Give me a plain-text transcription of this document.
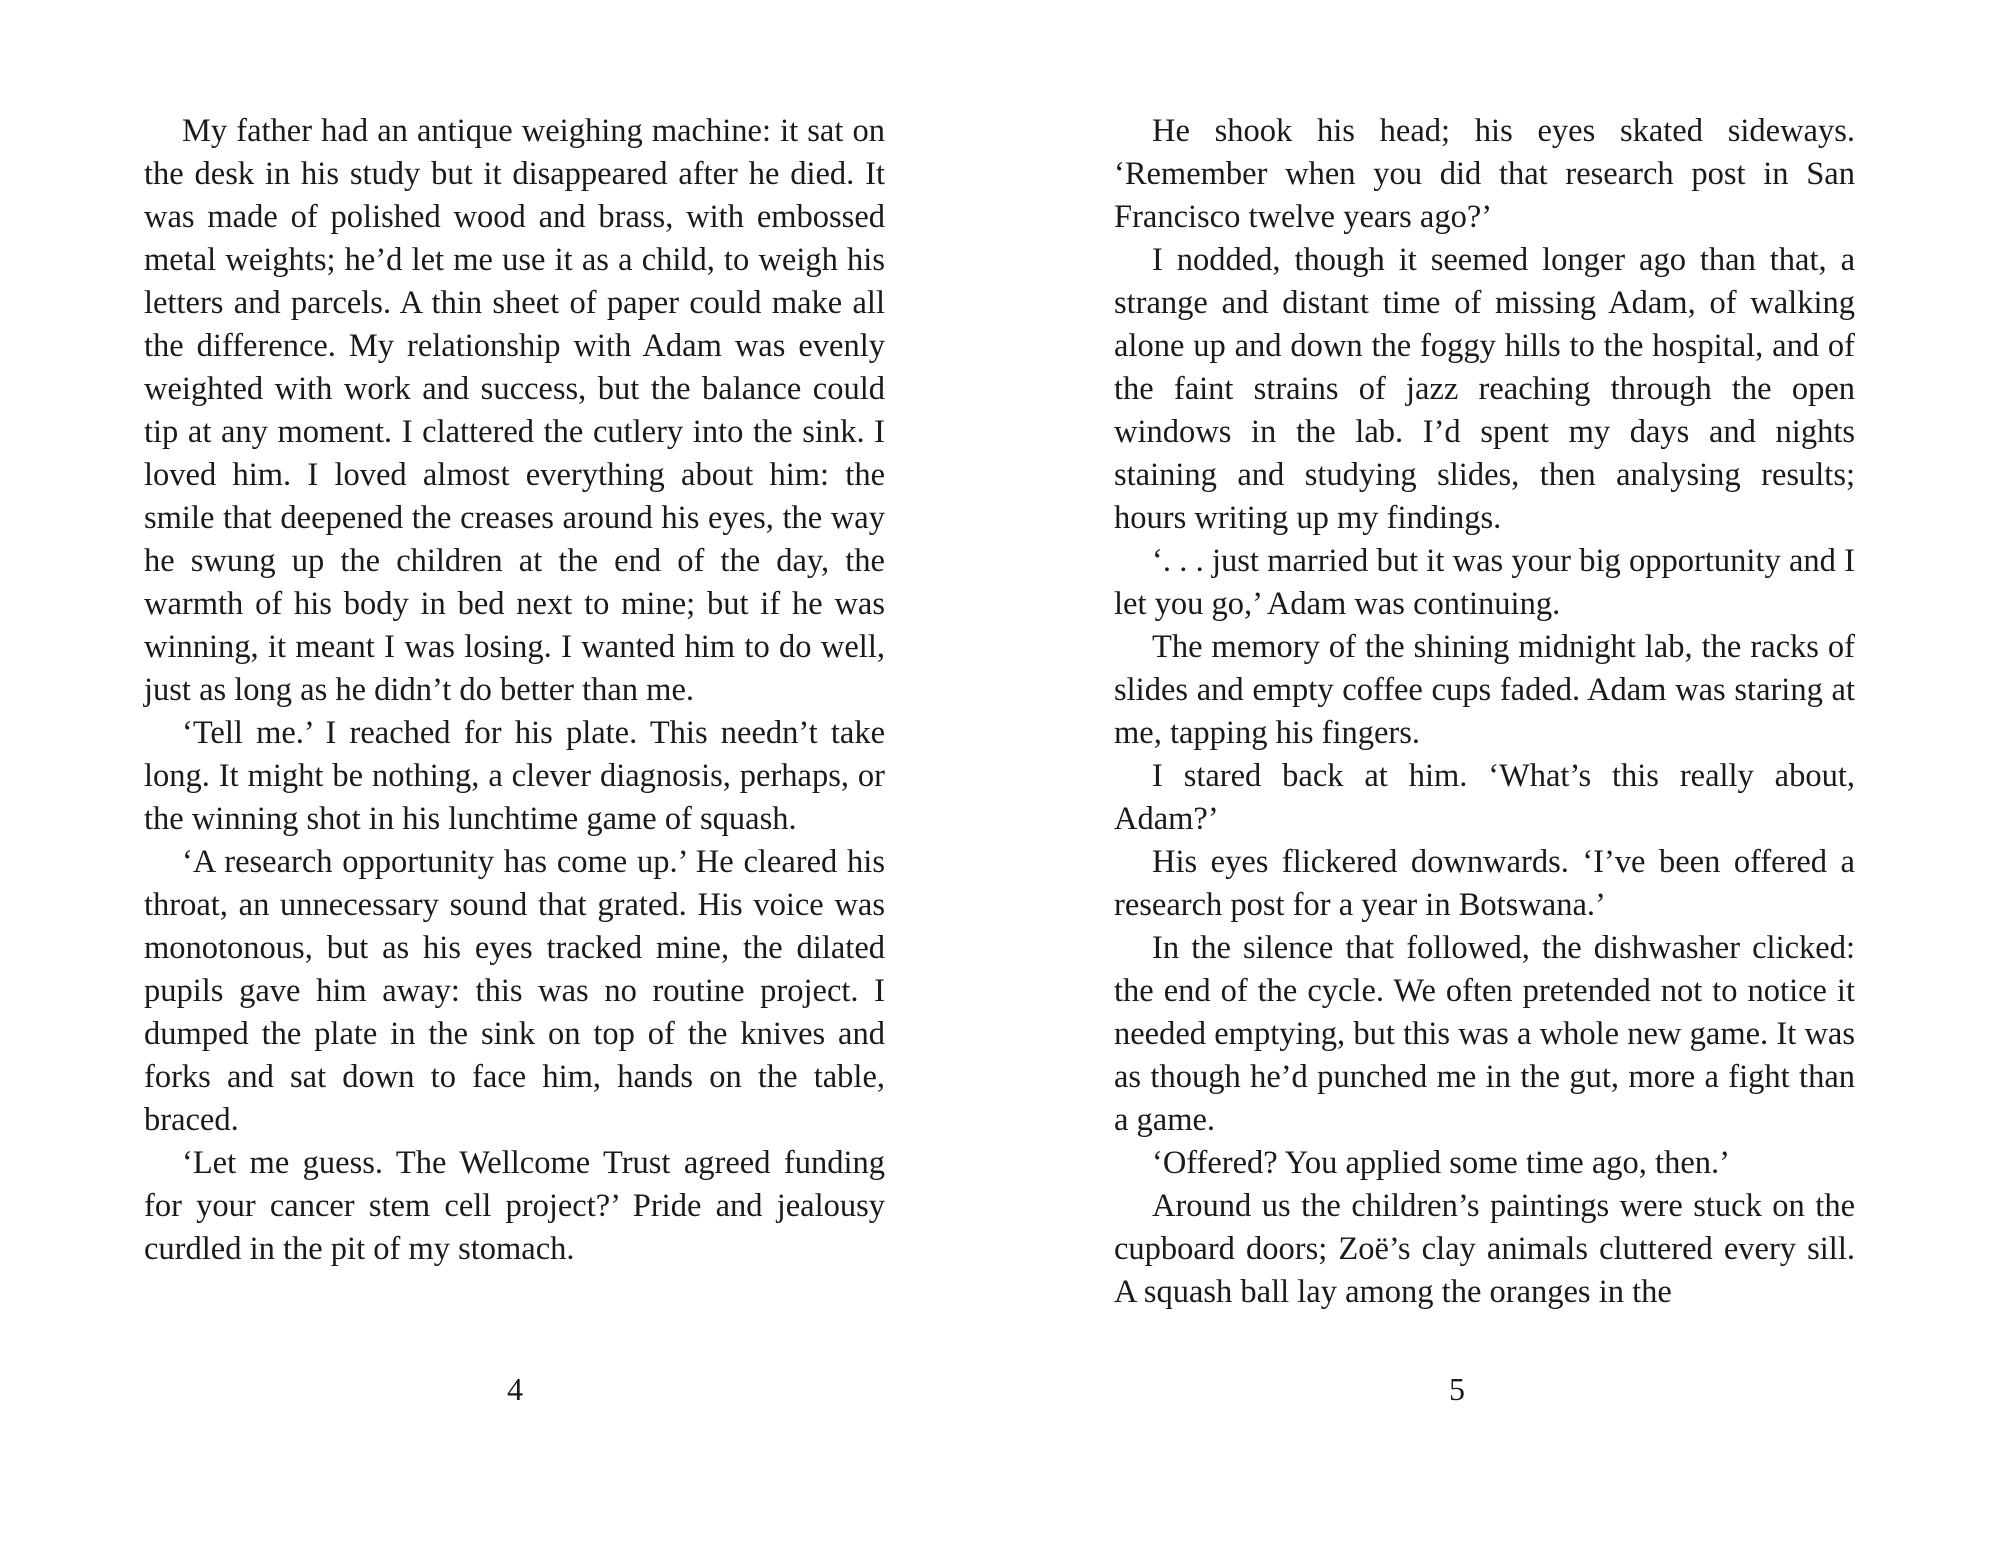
My father had an antique weighing machine: it sat on the desk in his study but it disappeared after he died. It was made of polished wood and brass, with embossed metal weights; he’d let me use it as a child, to weigh his letters and parcels. A thin sheet of paper could make all the difference. My relationship with Adam was evenly weighted with work and success, but the balance could tip at any moment. I clattered the cutlery into the sink. I loved him. I loved almost everything about him: the smile that deepened the creases around his eyes, the way he swung up the children at the end of the day, the warmth of his body in bed next to mine; but if he was winning, it meant I was losing. I wanted him to do well, just as long as he didn’t do better than me.

‘Tell me.’ I reached for his plate. This needn’t take long. It might be nothing, a clever diagnosis, perhaps, or the winning shot in his lunchtime game of squash.

‘A research opportunity has come up.’ He cleared his throat, an unnecessary sound that grated. His voice was monotonous, but as his eyes tracked mine, the dilated pupils gave him away: this was no routine project. I dumped the plate in the sink on top of the knives and forks and sat down to face him, hands on the table, braced.

‘Let me guess. The Wellcome Trust agreed funding for your cancer stem cell project?’ Pride and jealousy curdled in the pit of my stomach.

4

He shook his head; his eyes skated sideways. ‘Remember when you did that research post in San Francisco twelve years ago?’

I nodded, though it seemed longer ago than that, a strange and distant time of missing Adam, of walking alone up and down the foggy hills to the hospital, and of the faint strains of jazz reaching through the open windows in the lab. I’d spent my days and nights staining and studying slides, then analysing results; hours writing up my findings.

‘. . . just married but it was your big opportunity and I let you go,’ Adam was continuing.

The memory of the shining midnight lab, the racks of slides and empty coffee cups faded. Adam was staring at me, tapping his fingers.

I stared back at him. ‘What’s this really about, Adam?’

His eyes flickered downwards. ‘I’ve been offered a research post for a year in Botswana.’

In the silence that followed, the dishwasher clicked: the end of the cycle. We often pretended not to notice it needed emptying, but this was a whole new game. It was as though he’d punched me in the gut, more a fight than a game.

‘Offered? You applied some time ago, then.’

Around us the children’s paintings were stuck on the cupboard doors; Zoë’s clay animals cluttered every sill. A squash ball lay among the oranges in the

5
